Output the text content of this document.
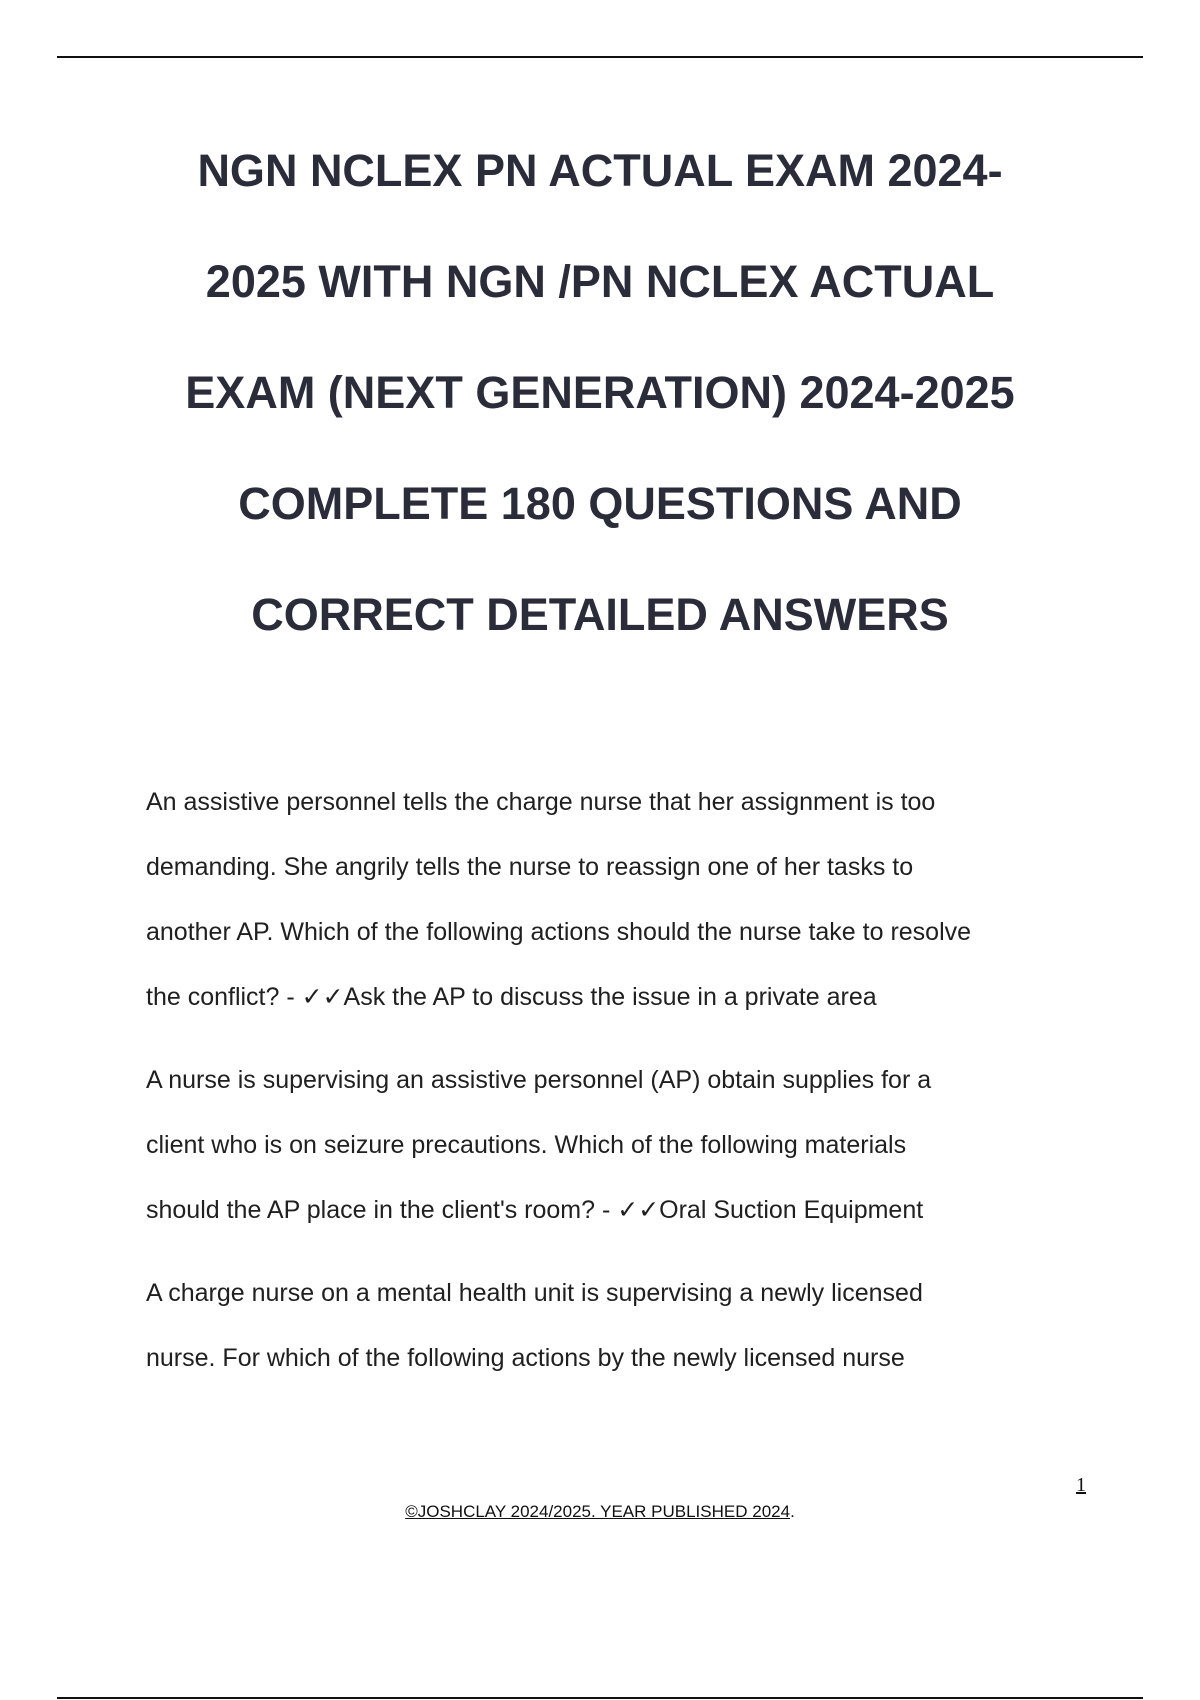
NGN NCLEX PN ACTUAL EXAM 2024-
2025 WITH NGN /PN NCLEX ACTUAL
EXAM (NEXT GENERATION) 2024-2025
COMPLETE 180 QUESTIONS AND
CORRECT DETAILED ANSWERS
An assistive personnel tells the charge nurse that her assignment is too
demanding. She angrily tells the nurse to reassign one of her tasks to
another AP. Which of the following actions should the nurse take to resolve
the conflict? - ✓✓Ask the AP to discuss the issue in a private area
A nurse is supervising an assistive personnel (AP) obtain supplies for a
client who is on seizure precautions. Which of the following materials
should the AP place in the client's room? - ✓✓Oral Suction Equipment
A charge nurse on a mental health unit is supervising a newly licensed
nurse. For which of the following actions by the newly licensed nurse
1
©JOSHCLAY 2024/2025. YEAR PUBLISHED 2024.
